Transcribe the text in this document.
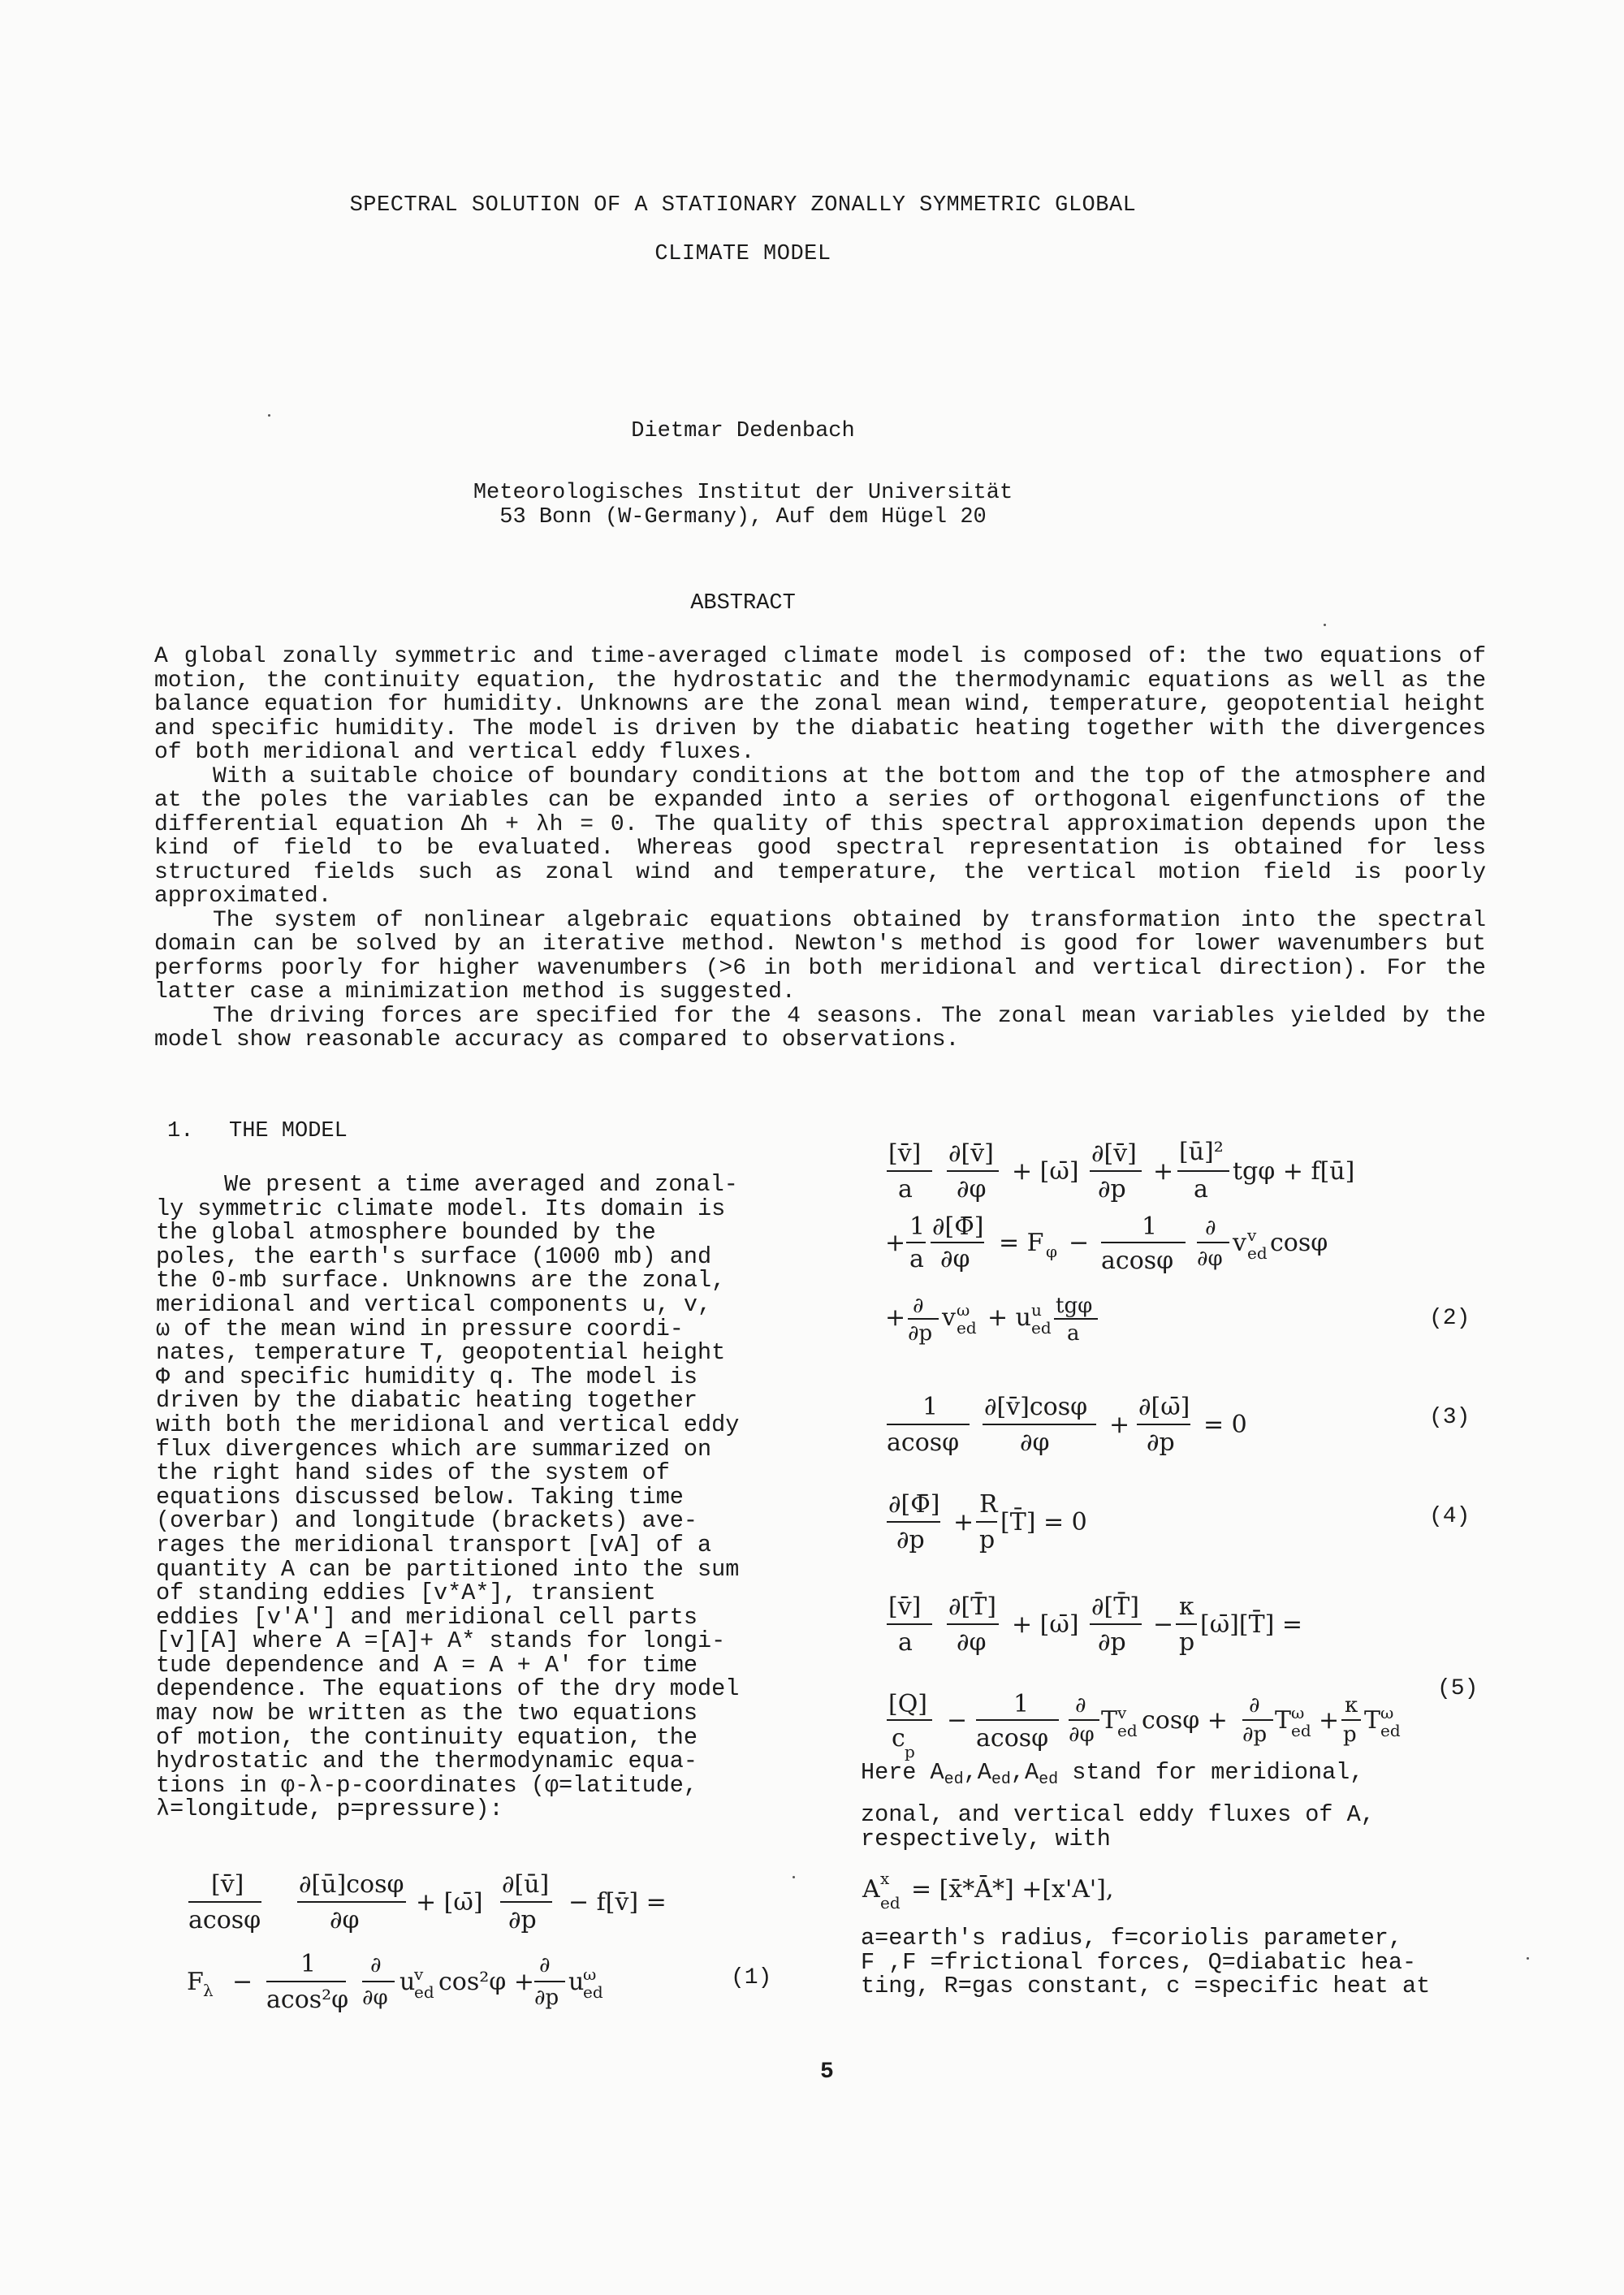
SPECTRAL SOLUTION OF A STATIONARY ZONALLY SYMMETRIC GLOBAL
CLIMATE MODEL
Dietmar Dedenbach
Meteorologisches Institut der Universität
53 Bonn (W-Germany), Auf dem Hügel 20
ABSTRACT

A global zonally symmetric and time-averaged climate model is composed of: the two equations of motion, the continuity equation, the hydrostatic and the thermodynamic equations as well as the balance equation for humidity. Unknowns are the zonal mean wind, temperature, geopotential height and specific humidity. The model is driven by the diabatic heating together with the divergences of both meridional and vertical eddy fluxes.

With a suitable choice of boundary conditions at the bottom and the top of the atmosphere and at the poles the variables can be expanded into a series of orthogonal eigenfunctions of the differential equation Δh + λh = 0. The quality of this spectral approximation depends upon the kind of field to be evaluated. Whereas good spectral representation is obtained for less structured fields such as zonal wind and temperature, the vertical motion field is poorly approximated.

The system of nonlinear algebraic equations obtained by transformation into the spectral domain can be solved by an iterative method. Newton's method is good for lower wavenumbers but performs poorly for higher wavenumbers (>6 in both meridional and vertical direction). For the latter case a minimization method is suggested.

The driving forces are specified for the 4 seasons. The zonal mean variables yielded by the model show reasonable accuracy as compared to observations.

1. THE MODEL
We present a time averaged and zonal-
ly symmetric climate model. Its domain is
the global atmosphere bounded by the
poles, the earth's surface (1000 mb) and
the 0-mb surface. Unknowns are the zonal,
meridional and vertical components u, v,
ω of the mean wind in pressure coordi-
nates, temperature T, geopotential height
Φ and specific humidity q. The model is
driven by the diabatic heating together
with both the meridional and vertical eddy
flux divergences which are summarized on
the right hand sides of the system of
equations discussed below. Taking time
(overbar) and longitude (brackets) ave-
rages the meridional transport [vA] of a
quantity A can be partitioned into the sum
of standing eddies [v*A*], transient
eddies [v'A'] and meridional cell parts
[v][A] where A =[A]+ A* stands for longi-
tude dependence and A = A + A' for time
dependence. The equations of the dry model
may now be written as the two equations
of motion, the continuity equation, the
hydrostatic and the thermodynamic equa-
tions in φ-λ-p-coordinates (φ=latitude,
λ=longitude, p=pressure):
[v̄]
acosφ
∂[ū]cosφ
∂φ
+ [ω̄]
∂[ū]
∂p
− f[v̄] =
F λ −
1
acos²φ
∂
∂φ
u
v
ed cos²φ +
∂
∂p
u
ω
ed
(1)
[v̄]
a
∂[v̄]
∂φ
+ [ω̄]
∂[v̄]
∂p
+
[ū]²
a
tgφ + f[ū]
+
1
a
∂[Φ̄]
∂φ
= F φ −
1
acosφ
∂
∂φ
v v
ed cosφ
+ ∂
∂p
v ω
ed + u u
ed
tgφ
a
(2)
1
acosφ
∂[v̄]cosφ
∂φ
+
∂[ω̄]
∂p
= 0	(3)
∂[Φ̄]
∂p
+
R
p
[T̄] = 0	(4)
[v̄]
a
∂[T̄]
∂φ
+ [ω̄]
∂[T̄]
∂p
−
κ
p
[ω̄][T̄] =
[Q]
c p
−
1
acosφ
∂
∂φ T v
ed cosφ +
∂
∂p T ω
ed +
κ
p T ω
ed
(5)
Here $A_{ed},A_{ed},A_{ed}$ stand for meridional,
zonal, and vertical eddy fluxes of A,
respectively, with
A x
ed = [x̄*Ā*] +[x'A'],
a=earth's radius, f=coriolis parameter,
F ,F =frictional forces, Q=diabatic hea-
ting, R=gas constant, c =specific heat at
5
